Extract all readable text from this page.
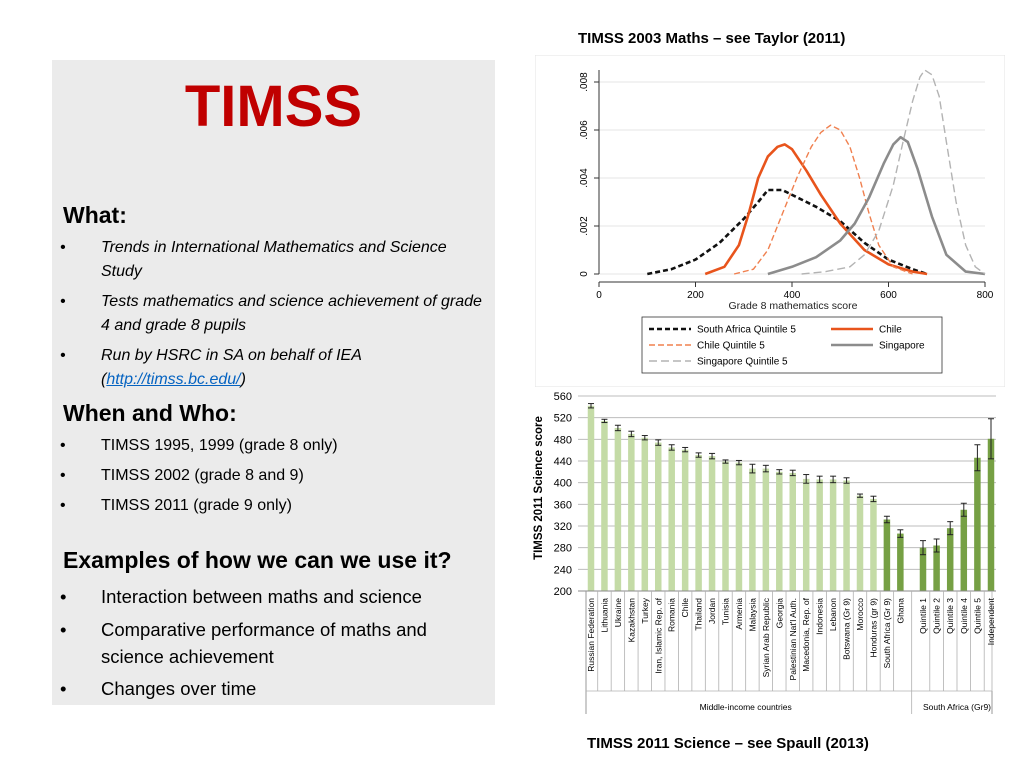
TIMSS
What:
• Trends in International Mathematics and Science Study
• Tests mathematics and science achievement of grade 4 and grade 8 pupils
• Run by HSRC in SA on behalf of IEA (http://timss.bc.edu/)
When and Who:
• TIMSS 1995, 1999 (grade 8 only)
• TIMSS 2002 (grade 8 and 9)
• TIMSS 2011 (grade 9 only)
Examples of how we can we use it?
• Interaction between maths and science
• Comparative performance of maths and science achievement
• Changes over time
TIMSS 2003 Maths – see Taylor (2011)
TIMSS 2011 Science – see Spaull (2013)
0
.002
.004
.006
.008
0	200	400	600	800
Grade 8 mathematics score
South Africa Quintile 5	Chile
Chile Quintile 5	Singapore
Singapore Quintile 5
200
240
280
320
360
400
440
480
520
560
Russian Federation Lithuania Ukraine Kazakhstan Turkey Iran, Islamic Rep. of Romania Chile Thailand Jordan Tunisia Armenia Malaysia Syrian Arab Republic Georgia Palestinian Nat'l Auth. Macedonia, Rep. of Indonesia Lebanon Botswana (Gr 9) Morocco Honduras (gr 9) South Africa (Gr 9) Ghana Quintile 1 Quintile 2 Quintile 3 Quintile 4 Quintile 5 Independent
Middle-income countries	South Africa (Gr9)
TIMSS 2011 Science score
